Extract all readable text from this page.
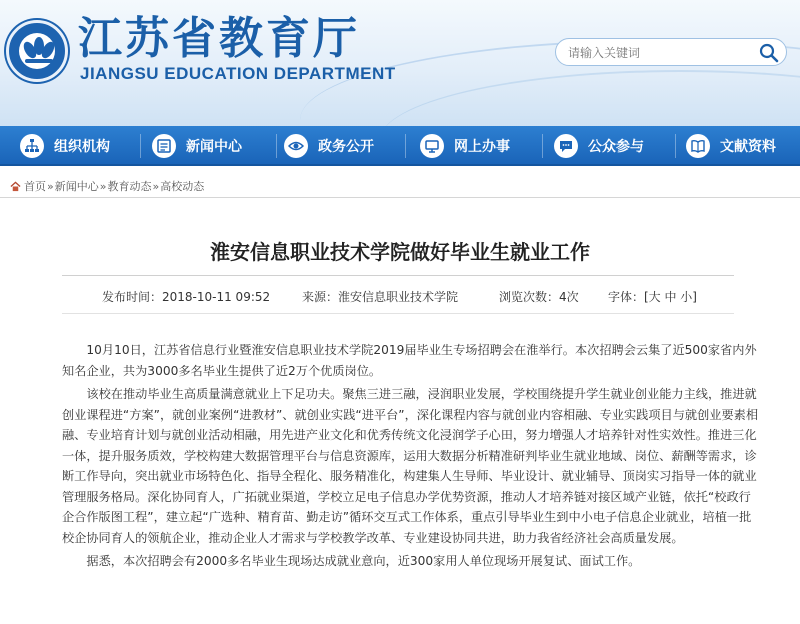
江苏省教育厅
JIANGSU EDUCATION DEPARTMENT
请输入关键词
组织机构	新闻中心	政务公开	网上办事	公众参与	文献资料
首页 » 新闻中心 » 教育动态 » 高校动态
淮安信息职业技术学院做好毕业生就业工作
发布时间：2018-10-11 09:52	来源：淮安信息职业技术学院	浏览次数：4次 字体：[大 中 小]

10月10日，江苏省信息行业暨淮安信息职业技术学院2019届毕业生专场招聘会在淮举行。本次招聘会云集了近500家省内外知名企业，共为3000多名毕业生提供了近2万个优质岗位。

该校在推动毕业生高质量满意就业上下足功夫。聚焦三进三融，浸润职业发展，学校围绕提升学生就业创业能力主线，推进就创业课程进“方案”，就创业案例“进教材”、就创业实践“进平台”，深化课程内容与就创业内容相融、专业实践项目与就创业要素相融、专业培育计划与就创业活动相融，用先进产业文化和优秀传统文化浸润学子心田，努力增强人才培养针对性实效性。推进三化一体，提升服务质效，学校构建大数据管理平台与信息资源库，运用大数据分析精准研判毕业生就业地域、岗位、薪酬等需求，诊断工作导向，突出就业市场特色化、指导全程化、服务精准化，构建集人生导师、毕业设计、就业辅导、顶岗实习指导一体的就业管理服务格局。深化协同育人，广拓就业渠道，学校立足电子信息办学优势资源，推动人才培养链对接区域产业链，依托“校政行企合作版图工程”，建立起“广选种、精育苗、勤走访”循环交互式工作体系，重点引导毕业生到中小电子信息企业就业，培植一批校企协同育人的领航企业，推动企业人才需求与学校教学改革、专业建设协同共进，助力我省经济社会高质量发展。

据悉，本次招聘会有2000多名毕业生现场达成就业意向，近300家用人单位现场开展复试、面试工作。
